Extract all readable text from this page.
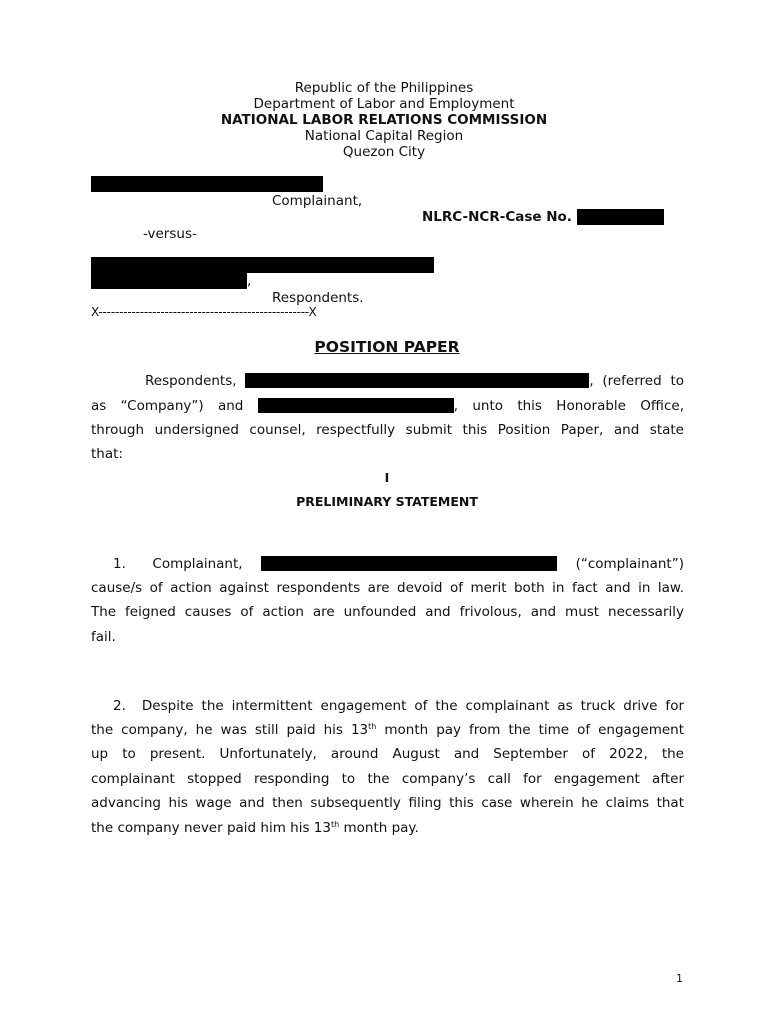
Republic of the Philippines
Department of Labor and Employment
NATIONAL LABOR RELATIONS COMMISSION
National Capital Region
Quezon City
Complainant,
NLRC-NCR-Case No.
-versus-
,
Respondents.
X---------------------------------------------------X
POSITION PAPER
Respondents,	, (referred to
as “Company”) and	, unto this Honorable Office,
through undersigned counsel, respectfully submit this Position Paper, and state
that:
I
PRELIMINARY STATEMENT
1. Complainant,	(“complainant”)
cause/s of action against respondents are devoid of merit both in fact and in law.
The feigned causes of action are unfounded and frivolous, and must necessarily
fail.
2. Despite the intermittent engagement of the complainant as truck drive for
the company, he was still paid his 13th month pay from the time of engagement
up to present. Unfortunately, around August and September of 2022, the
complainant stopped responding to the company’s call for engagement after
advancing his wage and then subsequently filing this case wherein he claims that
the company never paid him his 13th month pay.
1
